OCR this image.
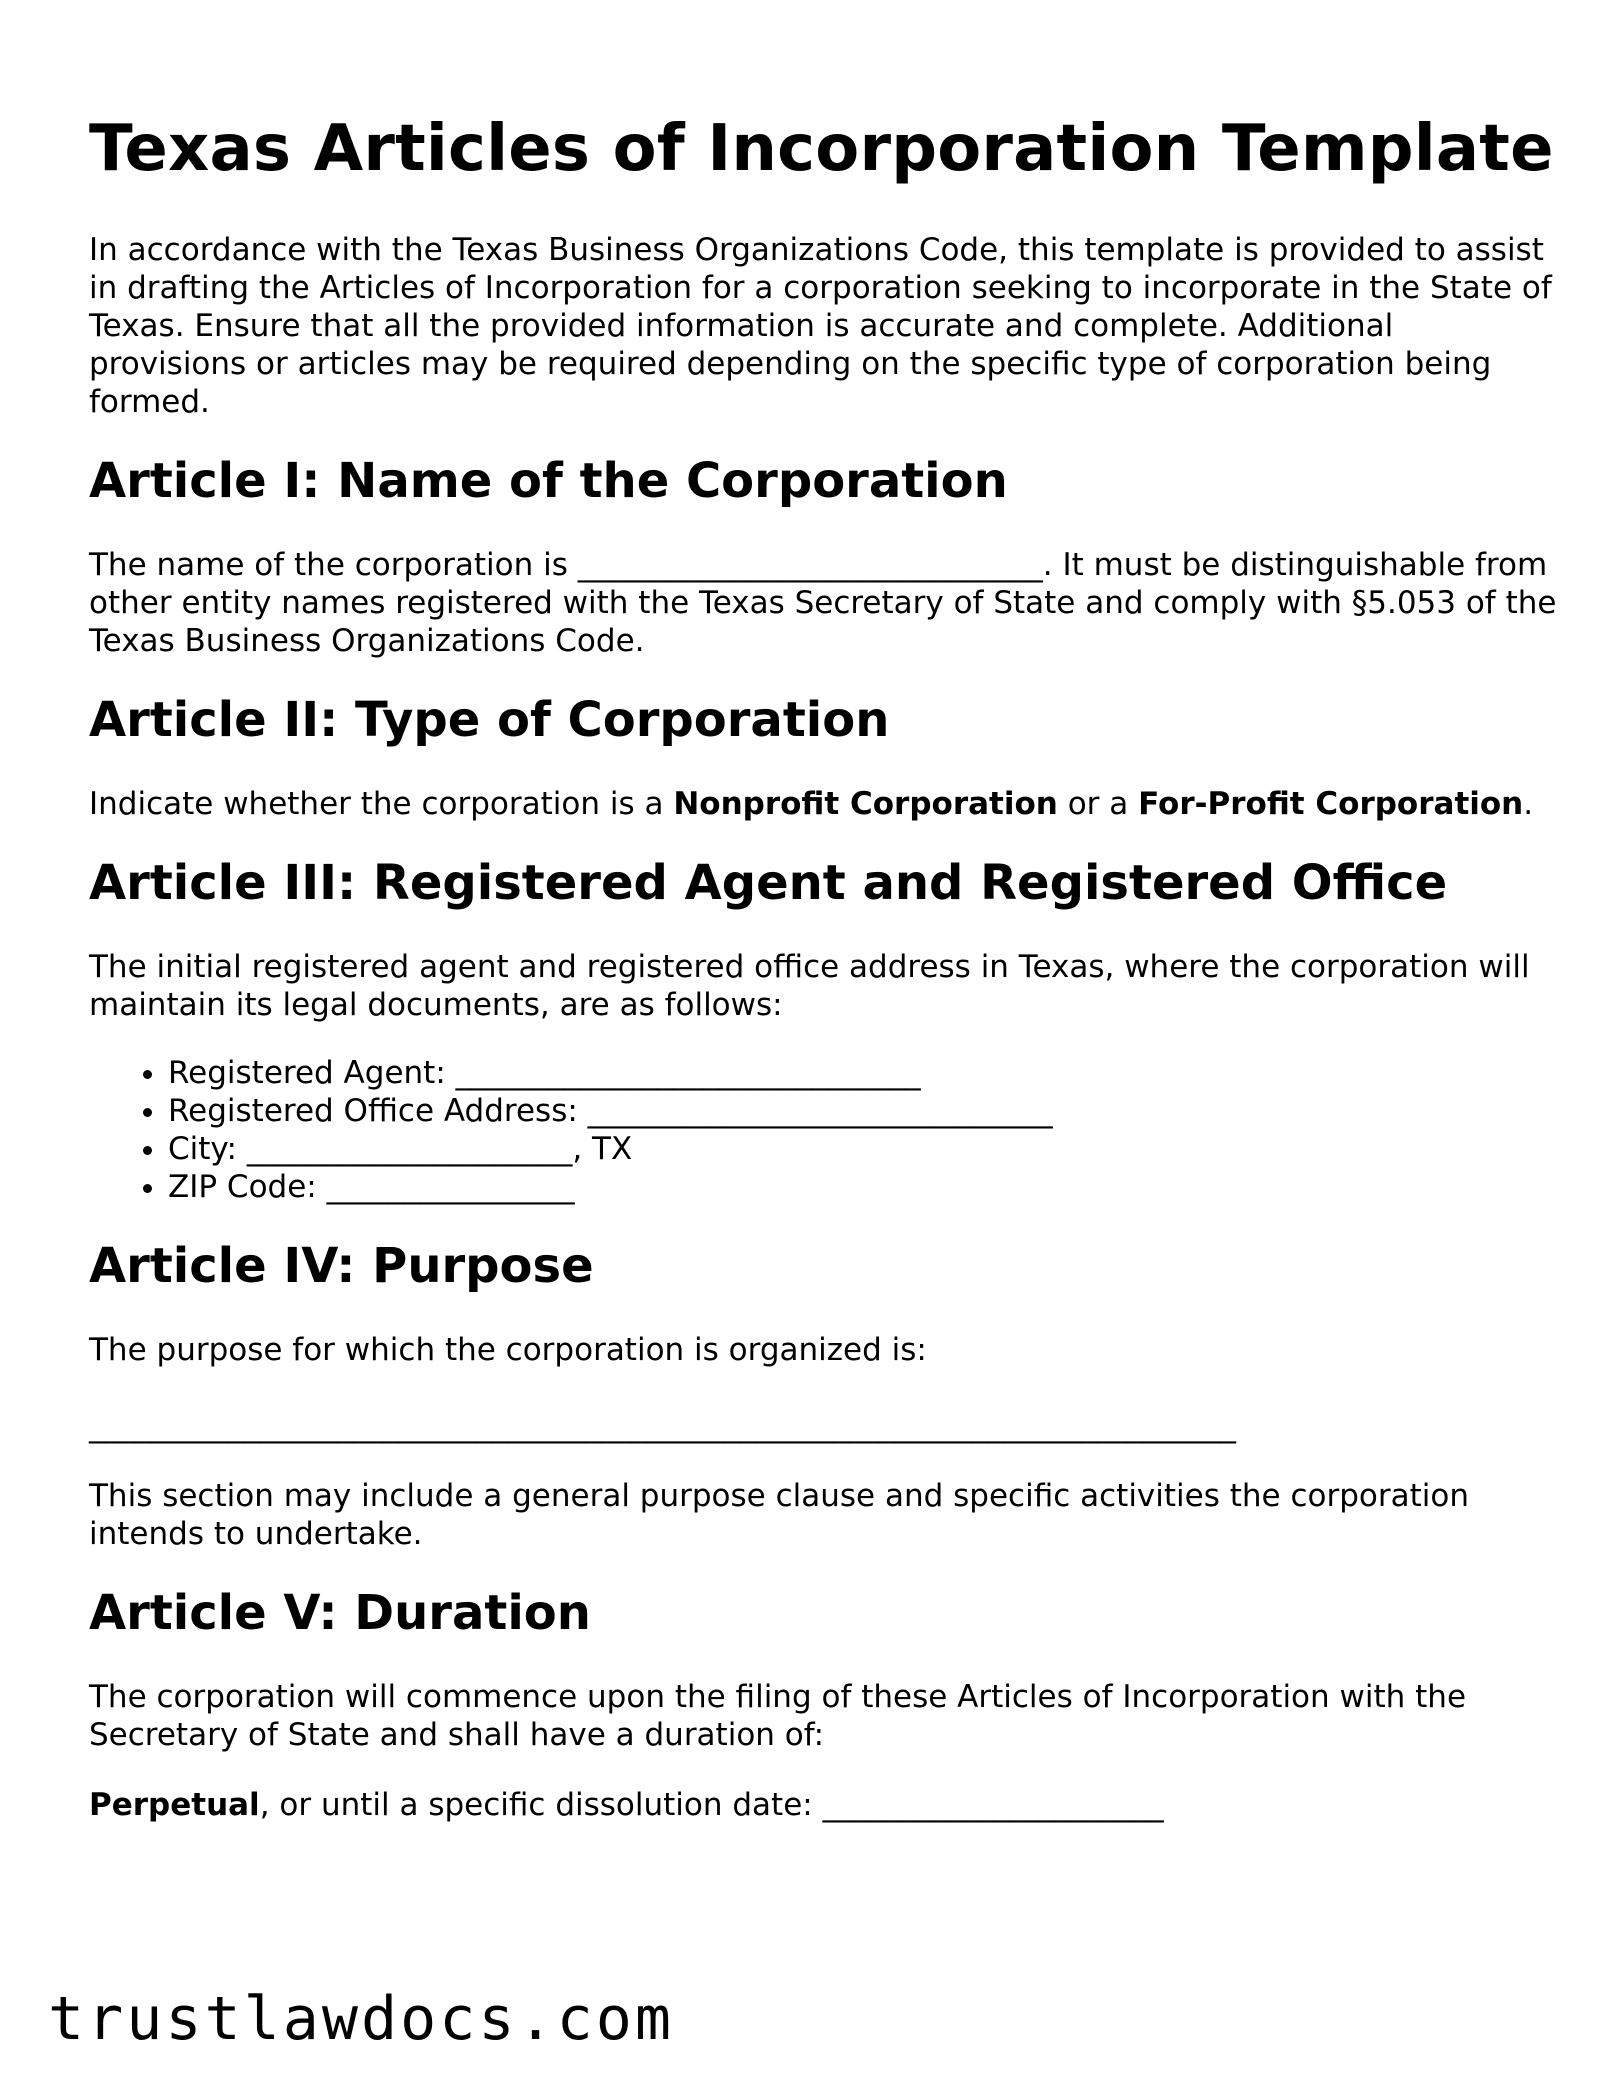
Texas Articles of Incorporation Template

In accordance with the Texas Business Organizations Code, this template is provided to assist in drafting the Articles of Incorporation for a corporation seeking to incorporate in the State of Texas. Ensure that all the provided information is accurate and complete. Additional provisions or articles may be required depending on the specific type of corporation being formed.

Article I: Name of the Corporation

The name of the corporation is ______________________________. It must be distinguishable from other entity names registered with the Texas Secretary of State and comply with §5.053 of the Texas Business Organizations Code.

Article II: Type of Corporation

Indicate whether the corporation is a Nonprofit Corporation or a For-Profit Corporation.

Article III: Registered Agent and Registered Office

The initial registered agent and registered office address in Texas, where the corporation will maintain its legal documents, are as follows:

• Registered Agent: ______________________________
• Registered Office Address: ______________________________
• City: _____________________, TX
• ZIP Code: ________________
Article IV: Purpose

The purpose for which the corporation is organized is:

__________________________________________________________________________

This section may include a general purpose clause and specific activities the corporation intends to undertake.

Article V: Duration

The corporation will commence upon the filing of these Articles of Incorporation with the Secretary of State and shall have a duration of:

Perpetual, or until a specific dissolution date: ______________________

trustlawdocs.com
